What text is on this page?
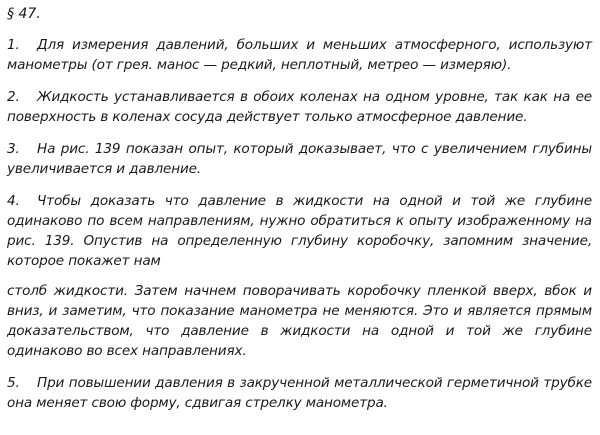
§ 47.

1. Для измерения давлений, больших и меньших атмосферного, используют манометры (от грея. манос — редкий, неплотный, метрео — измеряю).

2. Жидкость устанавливается в обоих коленах на одном уровне, так как на ее поверхность в коленах сосуда действует только атмосферное давление.

3. На рис. 139 показан опыт, который доказывает, что с увеличением глубины увеличивается и давление.

4. Чтобы доказать что давление в жидкости на одной и той же глубине одинаково по всем направлениям, нужно обратиться к опыту изображенному на рис. 139. Опустив на определенную глубину коробочку, запомним значение, которое покажет нам

столб жидкости. Затем начнем поворачивать коробочку пленкой вверх, вбок и вниз, и заметим, что показание манометра не меняются. Это и является прямым доказательством, что давление в жидкости на одной и той же глубине одинаково во всех направлениях.

5. При повышении давления в закрученной металлической герметичной трубке она меняет свою форму, сдвигая стрелку манометра.
